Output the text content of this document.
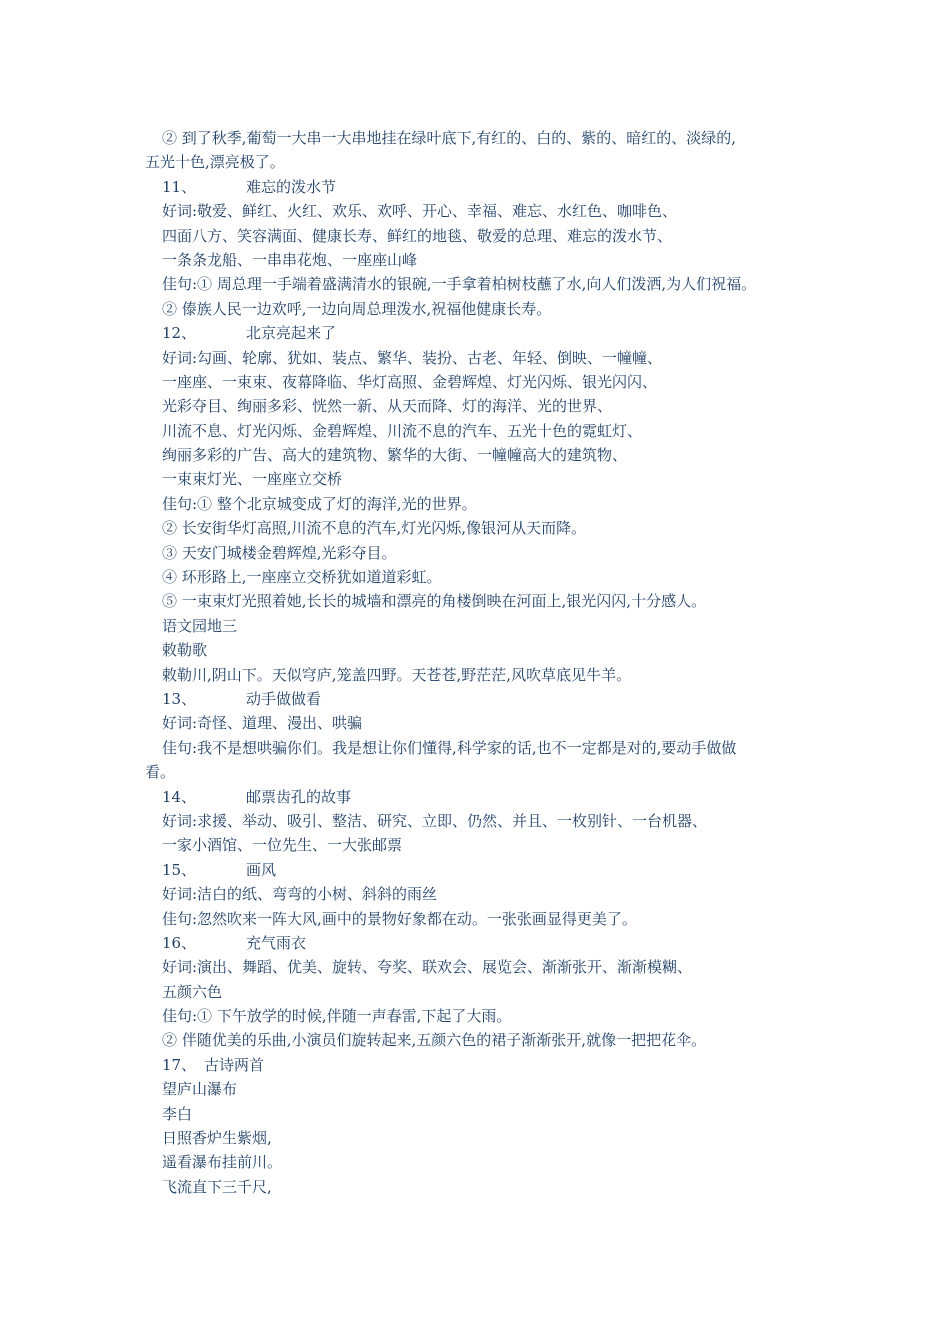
② 到了秋季,葡萄一大串一大串地挂在绿叶底下,有红的、白的、紫的、暗红的、淡绿的,
五光十色,漂亮极了。
11、	难忘的泼水节
好词:敬爱、鲜红、火红、欢乐、欢呼、开心、幸福、难忘、水红色、咖啡色、
四面八方、笑容满面、健康长寿、鲜红的地毯、敬爱的总理、难忘的泼水节、
一条条龙船、一串串花炮、一座座山峰
佳句:① 周总理一手端着盛满清水的银碗,一手拿着柏树枝蘸了水,向人们泼洒,为人们祝福。
② 傣族人民一边欢呼,一边向周总理泼水,祝福他健康长寿。
12、	北京亮起来了
好词:勾画、轮廓、犹如、装点、繁华、装扮、古老、年轻、倒映、一幢幢、
一座座、一束束、夜幕降临、华灯高照、金碧辉煌、灯光闪烁、银光闪闪、
光彩夺目、绚丽多彩、恍然一新、从天而降、灯的海洋、光的世界、
川流不息、灯光闪烁、金碧辉煌、川流不息的汽车、五光十色的霓虹灯、
绚丽多彩的广告、高大的建筑物、繁华的大街、一幢幢高大的建筑物、
一束束灯光、一座座立交桥
佳句:① 整个北京城变成了灯的海洋,光的世界。
② 长安街华灯高照,川流不息的汽车,灯光闪烁,像银河从天而降。
③ 天安门城楼金碧辉煌,光彩夺目。
④ 环形路上,一座座立交桥犹如道道彩虹。
⑤ 一束束灯光照着她,长长的城墙和漂亮的角楼倒映在河面上,银光闪闪,十分感人。
语文园地三
敕勒歌
敕勒川,阴山下。天似穹庐,笼盖四野。天苍苍,野茫茫,风吹草底见牛羊。
13、	动手做做看
好词:奇怪、道理、漫出、哄骗
佳句:我不是想哄骗你们。我是想让你们懂得,科学家的话,也不一定都是对的,要动手做做
看。
14、	邮票齿孔的故事
好词:求援、举动、吸引、整洁、研究、立即、仍然、并且、一枚别针、一台机器、
一家小酒馆、一位先生、一大张邮票
15、	画风
好词:洁白的纸、弯弯的小树、斜斜的雨丝
佳句:忽然吹来一阵大风,画中的景物好象都在动。一张张画显得更美了。
16、	充气雨衣
好词:演出、舞蹈、优美、旋转、夸奖、联欢会、展览会、渐渐张开、渐渐模糊、
五颜六色
佳句:① 下午放学的时候,伴随一声春雷,下起了大雨。
② 伴随优美的乐曲,小演员们旋转起来,五颜六色的裙子渐渐张开,就像一把把花伞。
17、 古诗两首
望庐山瀑布
李白
日照香炉生紫烟,
遥看瀑布挂前川。
飞流直下三千尺,
